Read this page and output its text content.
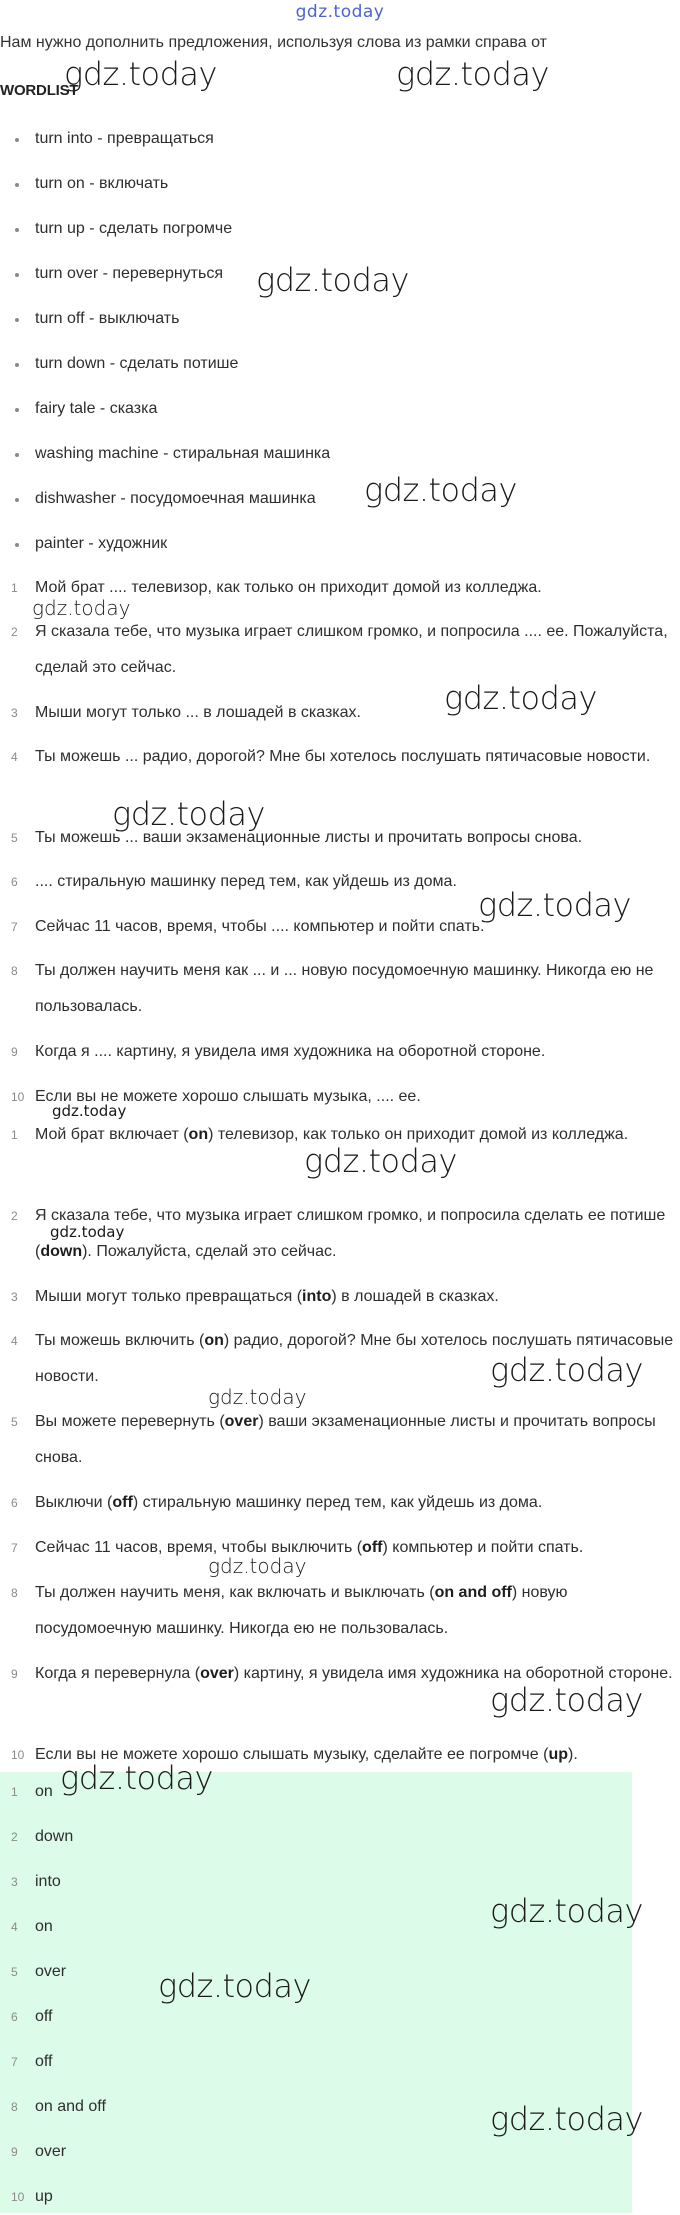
gdz.today
Нам нужно дополнить предложения, используя слова из рамки справа от
WORDLIST
turn into - превращаться
turn on - включать
turn up - сделать погромче
turn over - перевернуться
turn off - выключать
turn down - сделать потише
fairy tale - сказка
washing machine - стиральная машинка
dishwasher - посудомоечная машинка
painter - художник
1 Мой брат .... телевизор, как только он приходит домой из колледжа.
2 Я сказала тебе, что музыка играет слишком громко, и попросила .... ее. Пожалуйста, сделай это сейчас.
3 Мыши могут только ... в лошадей в сказках.
4 Ты можешь ... радио, дорогой? Мне бы хотелось послушать пятичасовые новости.
5 Ты можешь ... ваши экзаменационные листы и прочитать вопросы снова.
6 .... стиральную машинку перед тем, как уйдешь из дома.
7 Сейчас 11 часов, время, чтобы .... компьютер и пойти спать.
8 Ты должен научить меня как ... и ... новую посудомоечную машинку. Никогда ею не пользовалась.
9 Когда я .... картину, я увидела имя художника на оборотной стороне.
10 Если вы не можете хорошо слышать музыка, .... ее.
1 Мой брат включает (on) телевизор, как только он приходит домой из колледжа.
2 Я сказала тебе, что музыка играет слишком громко, и попросила сделать ее потише (down). Пожалуйста, сделай это сейчас.
3 Мыши могут только превращаться (into) в лошадей в сказках.
4 Ты можешь включить (on) радио, дорогой? Мне бы хотелось послушать пятичасовые новости.
5 Вы можете перевернуть (over) ваши экзаменационные листы и прочитать вопросы снова.
6 Выключи (off) стиральную машинку перед тем, как уйдешь из дома.
7 Сейчас 11 часов, время, чтобы выключить (off) компьютер и пойти спать.
8 Ты должен научить меня, как включать и выключать (on and off) новую посудомоечную машинку. Никогда ею не пользовалась.
9 Когда я перевернула (over) картину, я увидела имя художника на оборотной стороне.
10 Если вы не можете хорошо слышать музыку, сделайте ее погромче (up).
1 on
2 down
3 into
4 on
5 over
6 off
7 off
8 on and off
9 over
10 up
gdz.today	gdz.today
gdz.today
gdz.today
gdz.today
gdz.today
gdz.today
gdz.today
gdz.today
gdz.today
gdz.today
gdz.today
gdz.today
gdz.today
gdz.today
gdz.today
gdz.today
gdz.today
gdz.today
